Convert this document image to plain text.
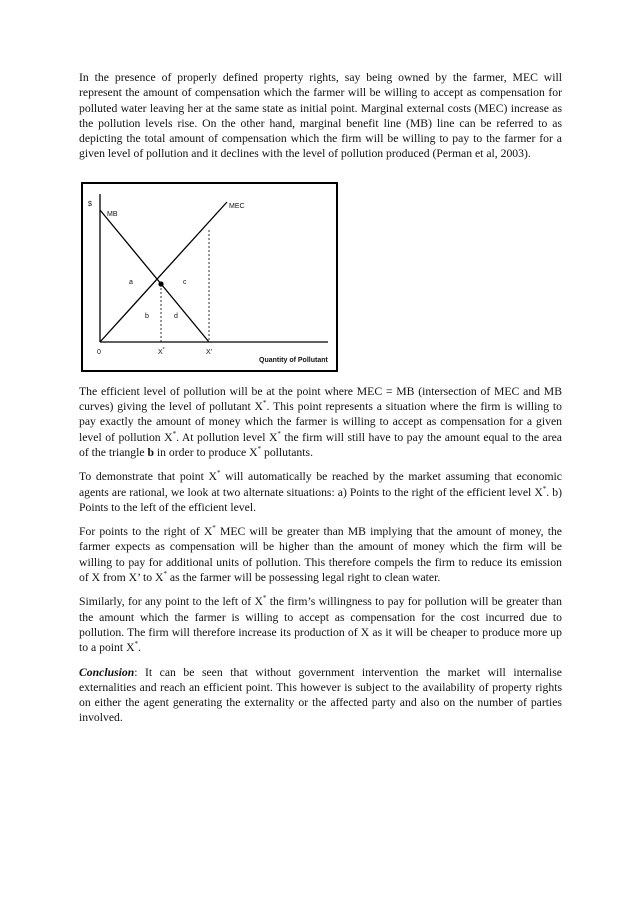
In the presence of properly defined property rights, say being owned by the farmer, MEC will represent the amount of compensation which the farmer will be willing to accept as compensation for polluted water leaving her at the same state as initial point. Marginal external costs (MEC) increase as the pollution levels rise. On the other hand, marginal benefit line (MB) line can be referred to as depicting the total amount of compensation which the firm will be willing to pay to the farmer for a given level of pollution and it declines with the level of pollution produced (Perman et al, 2003).

$
MB
MEC
a	c
b	d
0	X*	X'
Quantity of Pollutant

The efficient level of pollution will be at the point where MEC = MB (intersection of MEC and MB curves) giving the level of pollutant X*. This point represents a situation where the firm is willing to pay exactly the amount of money which the farmer is willing to accept as compensation for a given level of pollution X*. At pollution level X* the firm will still have to pay the amount equal to the area of the triangle b in order to produce X* pollutants.

To demonstrate that point X* will automatically be reached by the market assuming that economic agents are rational, we look at two alternate situations: a) Points to the right of the efficient level X*. b) Points to the left of the efficient level.

For points to the right of X* MEC will be greater than MB implying that the amount of money, the farmer expects as compensation will be higher than the amount of money which the firm will be willing to pay for additional units of pollution. This therefore compels the firm to reduce its emission of X from X’ to X* as the farmer will be possessing legal right to clean water.

Similarly, for any point to the left of X* the firm’s willingness to pay for pollution will be greater than the amount which the farmer is willing to accept as compensation for the cost incurred due to pollution. The firm will therefore increase its production of X as it will be cheaper to produce more up to a point X*.

Conclusion: It can be seen that without government intervention the market will internalise externalities and reach an efficient point. This however is subject to the availability of property rights on either the agent generating the externality or the affected party and also on the number of parties involved.
